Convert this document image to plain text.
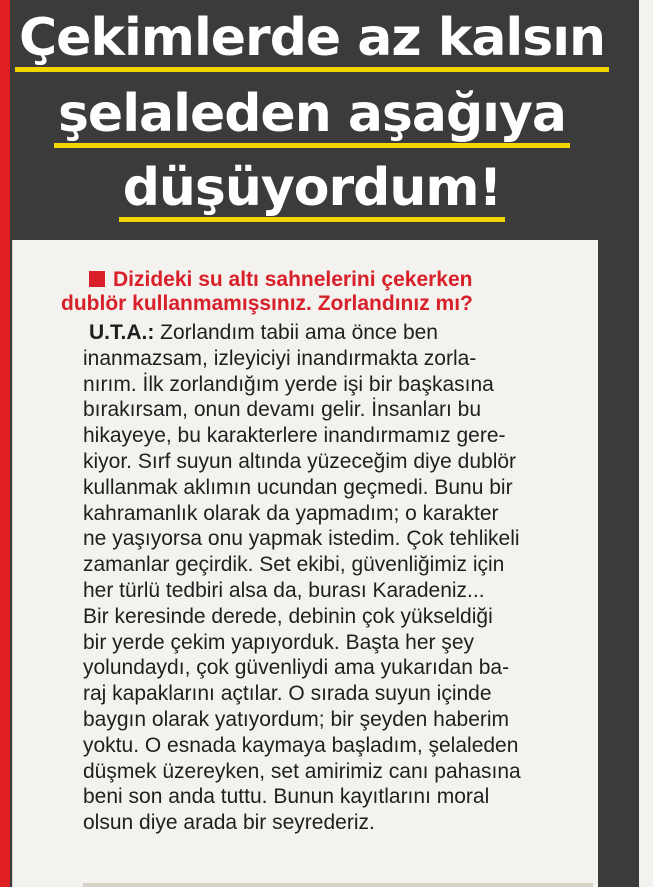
Çekimlerde az kalsın
şelaleden aşağıya
düşüyordum!
Dizideki su altı sahnelerini çekerken
dublör kullanmamışsınız. Zorlandınız mı?
U.T.A.: Zorlandım tabii ama önce ben
inanmazsam, izleyiciyi inandırmakta zorla-
nırım. İlk zorlandığım yerde işi bir başkasına
bırakırsam, onun devamı gelir. İnsanları bu
hikayeye, bu karakterlere inandırmamız gere-
kiyor. Sırf suyun altında yüzeceğim diye dublör
kullanmak aklımın ucundan geçmedi. Bunu bir
kahramanlık olarak da yapmadım; o karakter
ne yaşıyorsa onu yapmak istedim. Çok tehlikeli
zamanlar geçirdik. Set ekibi, güvenliğimiz için
her türlü tedbiri alsa da, burası Karadeniz...
Bir keresinde derede, debinin çok yükseldiği
bir yerde çekim yapıyorduk. Başta her şey
yolundaydı, çok güvenliydi ama yukarıdan ba-
raj kapaklarını açtılar. O sırada suyun içinde
baygın olarak yatıyordum; bir şeyden haberim
yoktu. O esnada kaymaya başladım, şelaleden
düşmek üzereyken, set amirimiz canı pahasına
beni son anda tuttu. Bunun kayıtlarını moral
olsun diye arada bir seyrederiz.
